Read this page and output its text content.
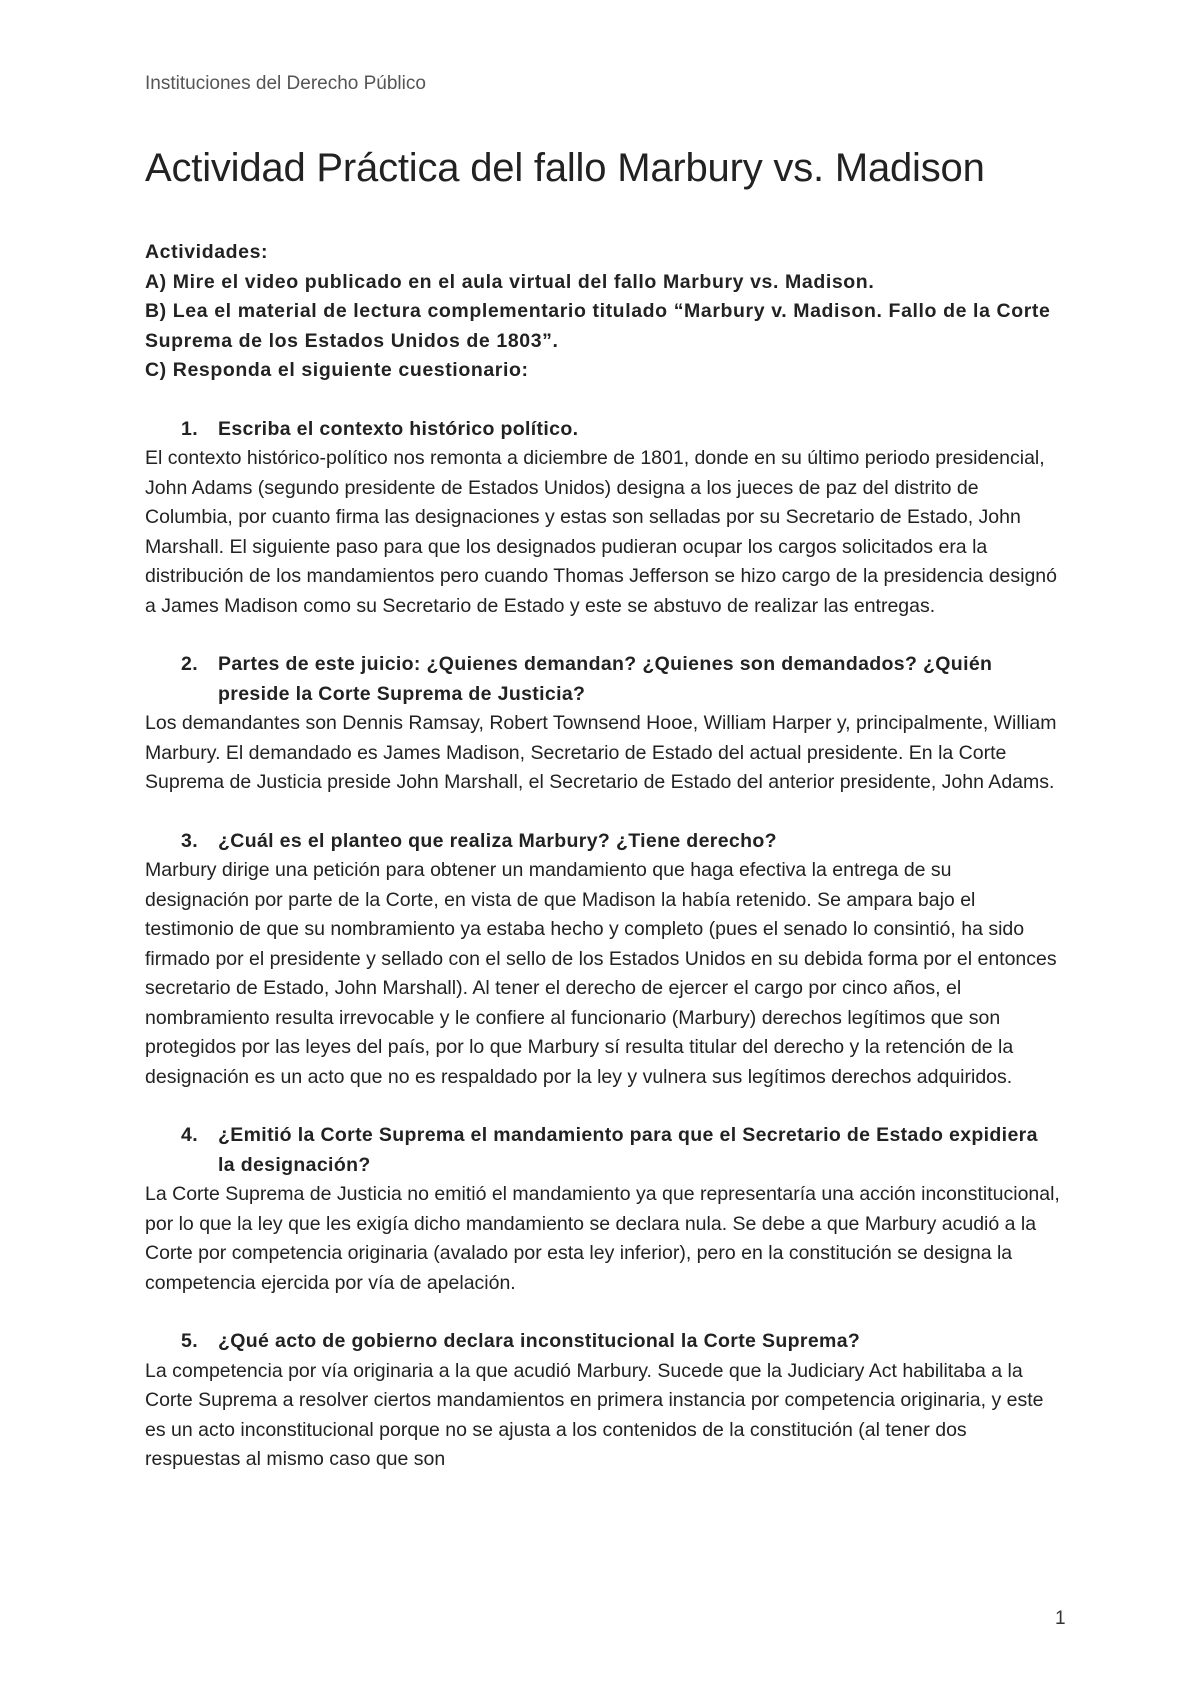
Instituciones del Derecho Público
Actividad Práctica del fallo Marbury vs. Madison

Actividades:

A) Mire el video publicado en el aula virtual del fallo Marbury vs. Madison.

B) Lea el material de lectura complementario titulado “Marbury v. Madison. Fallo de la Corte Suprema de los Estados Unidos de 1803”.

C) Responda el siguiente cuestionario:

1. Escriba el contexto histórico político.

El contexto histórico-político nos remonta a diciembre de 1801, donde en su último periodo presidencial, John Adams (segundo presidente de Estados Unidos) designa a los jueces de paz del distrito de Columbia, por cuanto firma las designaciones y estas son selladas por su Secretario de Estado, John Marshall. El siguiente paso para que los designados pudieran ocupar los cargos solicitados era la distribución de los mandamientos pero cuando Thomas Jefferson se hizo cargo de la presidencia designó a James Madison como su Secretario de Estado y este se abstuvo de realizar las entregas.

2. Partes de este juicio: ¿Quienes demandan? ¿Quienes son demandados? ¿Quién preside la Corte Suprema de Justicia?

Los demandantes son Dennis Ramsay, Robert Townsend Hooe, William Harper y, principalmente, William Marbury. El demandado es James Madison, Secretario de Estado del actual presidente. En la Corte Suprema de Justicia preside John Marshall, el Secretario de Estado del anterior presidente, John Adams.

3. ¿Cuál es el planteo que realiza Marbury? ¿Tiene derecho?

Marbury dirige una petición para obtener un mandamiento que haga efectiva la entrega de su designación por parte de la Corte, en vista de que Madison la había retenido. Se ampara bajo el testimonio de que su nombramiento ya estaba hecho y completo (pues el senado lo consintió, ha sido firmado por el presidente y sellado con el sello de los Estados Unidos en su debida forma por el entonces secretario de Estado, John Marshall). Al tener el derecho de ejercer el cargo por cinco años, el nombramiento resulta irrevocable y le confiere al funcionario (Marbury) derechos legítimos que son protegidos por las leyes del país, por lo que Marbury sí resulta titular del derecho y la retención de la designación es un acto que no es respaldado por la ley y vulnera sus legítimos derechos adquiridos.

4. ¿Emitió la Corte Suprema el mandamiento para que el Secretario de Estado expidiera la designación?

La Corte Suprema de Justicia no emitió el mandamiento ya que representaría una acción inconstitucional, por lo que la ley que les exigía dicho mandamiento se declara nula. Se debe a que Marbury acudió a la Corte por competencia originaria (avalado por esta ley inferior), pero en la constitución se designa la competencia ejercida por vía de apelación.

5. ¿Qué acto de gobierno declara inconstitucional la Corte Suprema?

La competencia por vía originaria a la que acudió Marbury. Sucede que la Judiciary Act habilitaba a la Corte Suprema a resolver ciertos mandamientos en primera instancia por competencia originaria, y este es un acto inconstitucional porque no se ajusta a los contenidos de la constitución (al tener dos respuestas al mismo caso que son

1
